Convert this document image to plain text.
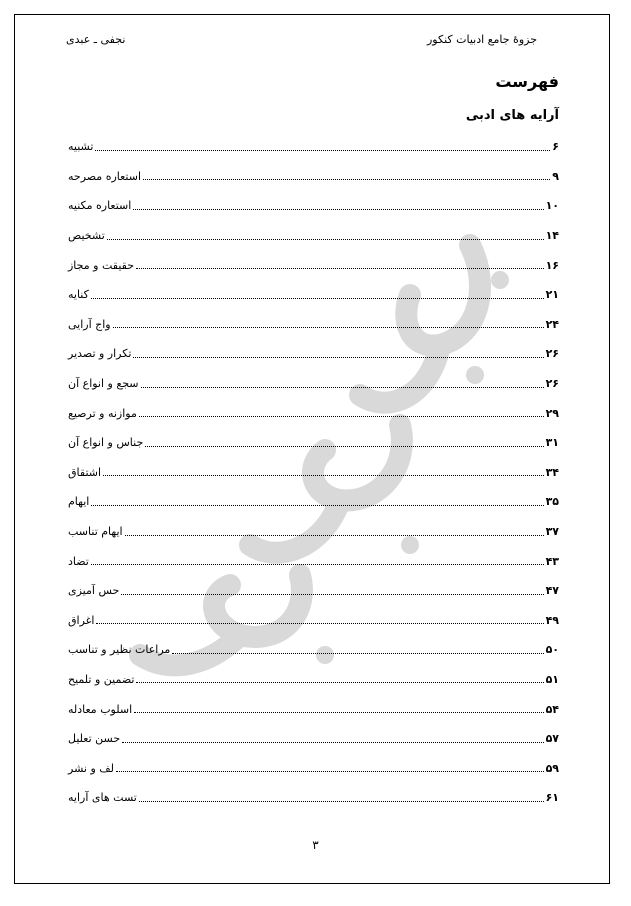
جزوۀ جامع ادبیات کنکور
نجفی ـ عبدی
فهرست
آرایه های ادبی
تشبیه	۶
استعاره مصرحه	۹
استعاره مکنیه	۱۰
تشخیص	۱۴
حقیقت و مجاز	۱۶
کنایه	۲۱
واج آرایی	۲۴
تکرار و تصدیر	۲۶
سجع و انواع آن	۲۶
موازنه و ترصیع	۲۹
جناس و انواع آن	۳۱
اشتقاق	۳۴
ایهام	۳۵
ایهام تناسب	۳۷
تضاد	۴۳
حس آمیزی	۴۷
اغراق	۴۹
مراعات نظیر و تناسب	۵۰
تضمین و تلمیح	۵۱
اسلوب معادله	۵۴
حسن تعلیل	۵۷
لف و نشر	۵۹
تست های آرایه	۶۱
۳
